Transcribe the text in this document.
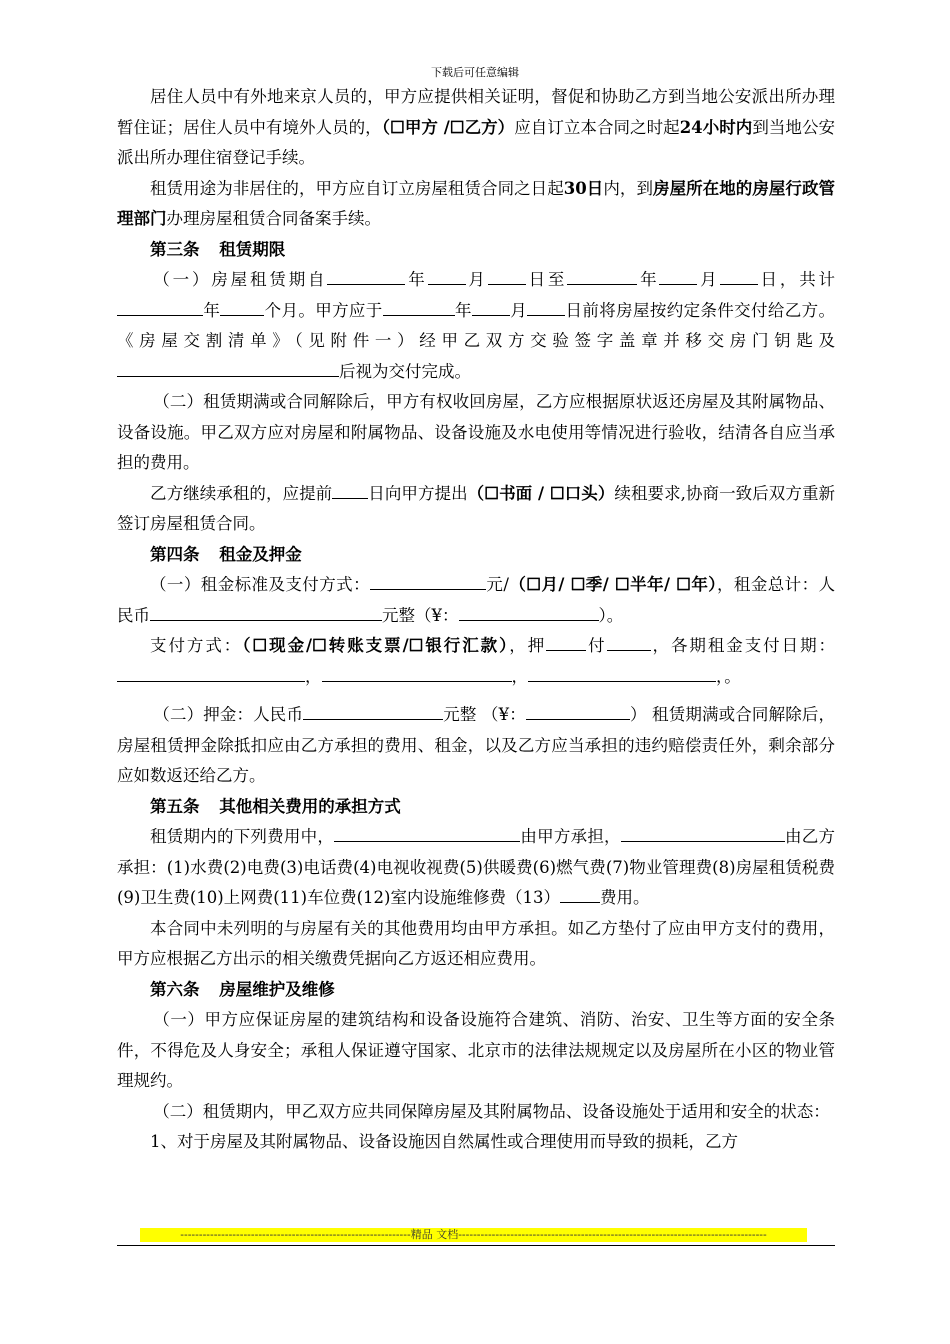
下载后可任意编辑

居住人员中有外地来京人员的，甲方应提供相关证明，督促和协助乙方到当地公安派出所办理暂住证；居住人员中有境外人员的，（☐甲方 /☐乙方）应自订立本合同之时起24小时内到当地公安派出所办理住宿登记手续。

租赁用途为非居住的，甲方应自订立房屋租赁合同之日起30日内，到房屋所在地的房屋行政管理部门办理房屋租赁合同备案手续。

第三条 租赁期限

（一）房屋租赁期自	年 月 日至	年 月 日，共计年	个月。甲方应于	年 月 日前将房屋按约定条件交付给乙方。《房屋交割清单》（见附件一）经甲乙双方交验签字盖章并移交房门钥匙及后视为交付完成。

（二）租赁期满或合同解除后，甲方有权收回房屋，乙方应根据原状返还房屋及其附属物品、设备设施。甲乙双方应对房屋和附属物品、设备设施及水电使用等情况进行验收，结清各自应当承担的费用。

乙方继续承租的，应提前 日向甲方提出（☐书面 / ☐口头）续租要求,协商一致后双方重新签订房屋租赁合同。

第四条 租金及押金

（一）租金标准及支付方式：	元/（☐月/ ☐季/ ☐半年/ ☐年），租金总计：人民币	元整（¥：	）。

支付方式：（☐现金/☐转账支票/☐银行汇款），押 付	，各期租金支付日期：，	，	，。

（二）押金：人民币	元整 （¥：	） 租赁期满或合同解除后，房屋租赁押金除抵扣应由乙方承担的费用、租金，以及乙方应当承担的违约赔偿责任外，剩余部分应如数返还给乙方。

第五条 其他相关费用的承担方式

租赁期内的下列费用中，	由甲方承担，	由乙方承担：(1)水费(2)电费(3)电话费(4)电视收视费(5)供暖费(6)燃气费(7)物业管理费(8)房屋租赁税费(9)卫生费(10)上网费(11)车位费(12)室内设施维修费（13） 费用。

本合同中未列明的与房屋有关的其他费用均由甲方承担。如乙方垫付了应由甲方支付的费用，甲方应根据乙方出示的相关缴费凭据向乙方返还相应费用。

第六条 房屋维护及维修

（一）甲方应保证房屋的建筑结构和设备设施符合建筑、消防、治安、卫生等方面的安全条件，不得危及人身安全；承租人保证遵守国家、北京市的法律法规规定以及房屋所在小区的物业管理规约。

（二）租赁期内，甲乙双方应共同保障房屋及其附属物品、设备设施处于适用和安全的状态：

1、对于房屋及其附属物品、设备设施因自然属性或合理使用而导致的损耗，乙方

--------------------------------------------------------------精品 文档-----------------------------------------------------------------------------------
